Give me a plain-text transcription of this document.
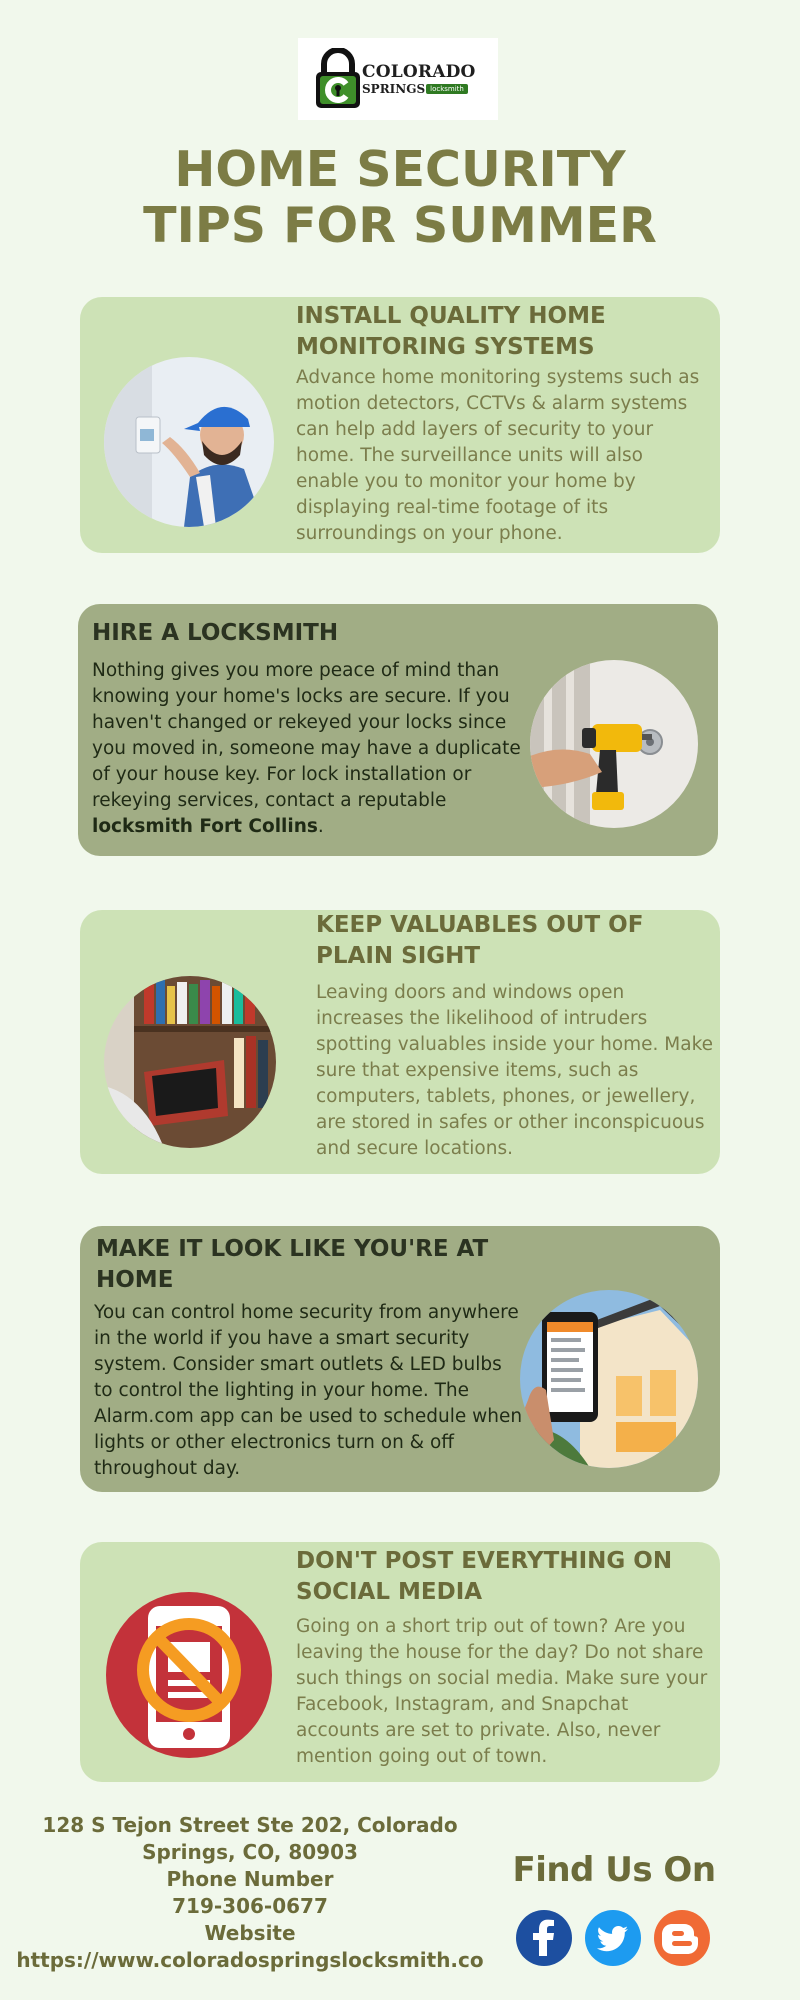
COLORADO
SPRINGS locksmith
HOME SECURITY
TIPS FOR SUMMER
INSTALL QUALITY HOME MONITORING SYSTEMS

Advance home monitoring systems such as motion detectors, CCTVs & alarm systems can help add layers of security to your home. The surveillance units will also enable you to monitor your home by displaying real-time footage of its surroundings on your phone.

HIRE A LOCKSMITH

Nothing gives you more peace of mind than knowing your home's locks are secure. If you haven't changed or rekeyed your locks since you moved in, someone may have a duplicate of your house key. For lock installation or rekeying services, contact a reputable locksmith Fort Collins.

KEEP VALUABLES OUT OF PLAIN SIGHT

Leaving doors and windows open increases the likelihood of intruders spotting valuables inside your home. Make sure that expensive items, such as computers, tablets, phones, or jewellery, are stored in safes or other inconspicuous and secure locations.

MAKE IT LOOK LIKE YOU'RE AT HOME

You can control home security from anywhere in the world if you have a smart security system. Consider smart outlets & LED bulbs to control the lighting in your home. The Alarm.com app can be used to schedule when lights or other electronics turn on & off throughout day.

DON'T POST EVERYTHING ON SOCIAL MEDIA

Going on a short trip out of town? Are you leaving the house for the day? Do not share such things on social media. Make sure your Facebook, Instagram, and Snapchat accounts are set to private. Also, never mention going out of town.

128 S Tejon Street Ste 202, Colorado
Springs, CO, 80903
Phone Number
719-306-0677
Website
https://www.coloradospringslocksmith.co
Find Us On
